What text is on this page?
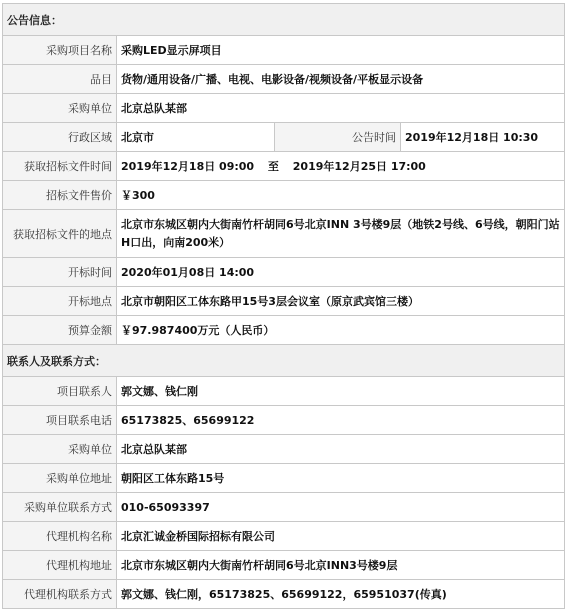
公告信息：			
采购项目名称	采购LED显示屏项目		
品目	货物/通用设备/广播、电视、电影设备/视频设备/平板显示设备		
采购单位	北京总队某部		
行政区域	北京市	公告时间	2019年12月18日 10:30
获取招标文件时间	2019年12月18日 09:00 至 2019年12月25日 17:00		
招标文件售价	￥300		
获取招标文件的地点	北京市东城区朝内大街南竹杆胡同6号北京INN 3号楼9层（地铁2号线、6号线，朝阳门站H口出，向南200米）		
开标时间	2020年01月08日 14:00		
开标地点	北京市朝阳区工体东路甲15号3层会议室（原京武宾馆三楼）		
预算金额	￥97.987400万元（人民币）		
联系人及联系方式：			
项目联系人	郭文娜、钱仁刚		
项目联系电话	65173825、65699122		
采购单位	北京总队某部		
采购单位地址	朝阳区工体东路15号		
采购单位联系方式	010-65093397		
代理机构名称	北京汇诚金桥国际招标有限公司		
代理机构地址	北京市东城区朝内大街南竹杆胡同6号北京INN3号楼9层		
代理机构联系方式	郭文娜、钱仁刚，65173825、65699122，65951037(传真)		
